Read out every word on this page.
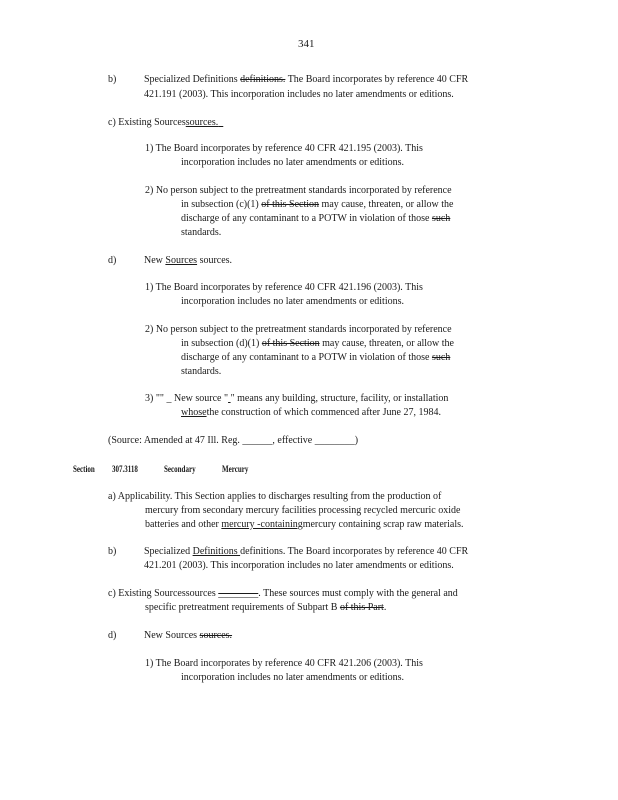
341
b)	Specialized Definitions definitions. The Board incorporates by reference 40 CFR
421.191 (2003). This incorporation includes no later amendments or editions.
c) Existing Sourcessources.
1) The Board incorporates by reference 40 CFR 421.195 (2003). This
incorporation includes no later amendments or editions.
2) No person subject to the pretreatment standards incorporated by reference
in subsection (c)(1) of this Section may cause, threaten, or allow the
discharge of any contaminant to a POTW in violation of those such
standards.
d)	New Sources sources.
1) The Board incorporates by reference 40 CFR 421.196 (2003). This
incorporation includes no later amendments or editions.
2) No person subject to the pretreatment standards incorporated by reference
in subsection (d)(1) of this Section may cause, threaten, or allow the
discharge of any contaminant to a POTW in violation of those such
standards.
3) "" _ New source " " means any building, structure, facility, or installation
whosethe construction of which commenced after June 27, 1984.
(Source: Amended at 47 Ill. Reg. ______, effective ________)
Section 307.3118	Secondary	Mercury
a) Applicability. This Section applies to discharges resulting from the production of
mercury from secondary mercury facilities processing recycled mercuric oxide
batteries and other mercury -containingmercury containing scrap raw materials.
b)	Specialized Definitions definitions. The Board incorporates by reference 40 CFR
421.201 (2003). This incorporation includes no later amendments or editions.
c) Existing Sourcessources ________. These sources must comply with the general and
specific pretreatment requirements of Subpart B of this Part.
d)	New Sources sources.
1) The Board incorporates by reference 40 CFR 421.206 (2003). This
incorporation includes no later amendments or editions.
